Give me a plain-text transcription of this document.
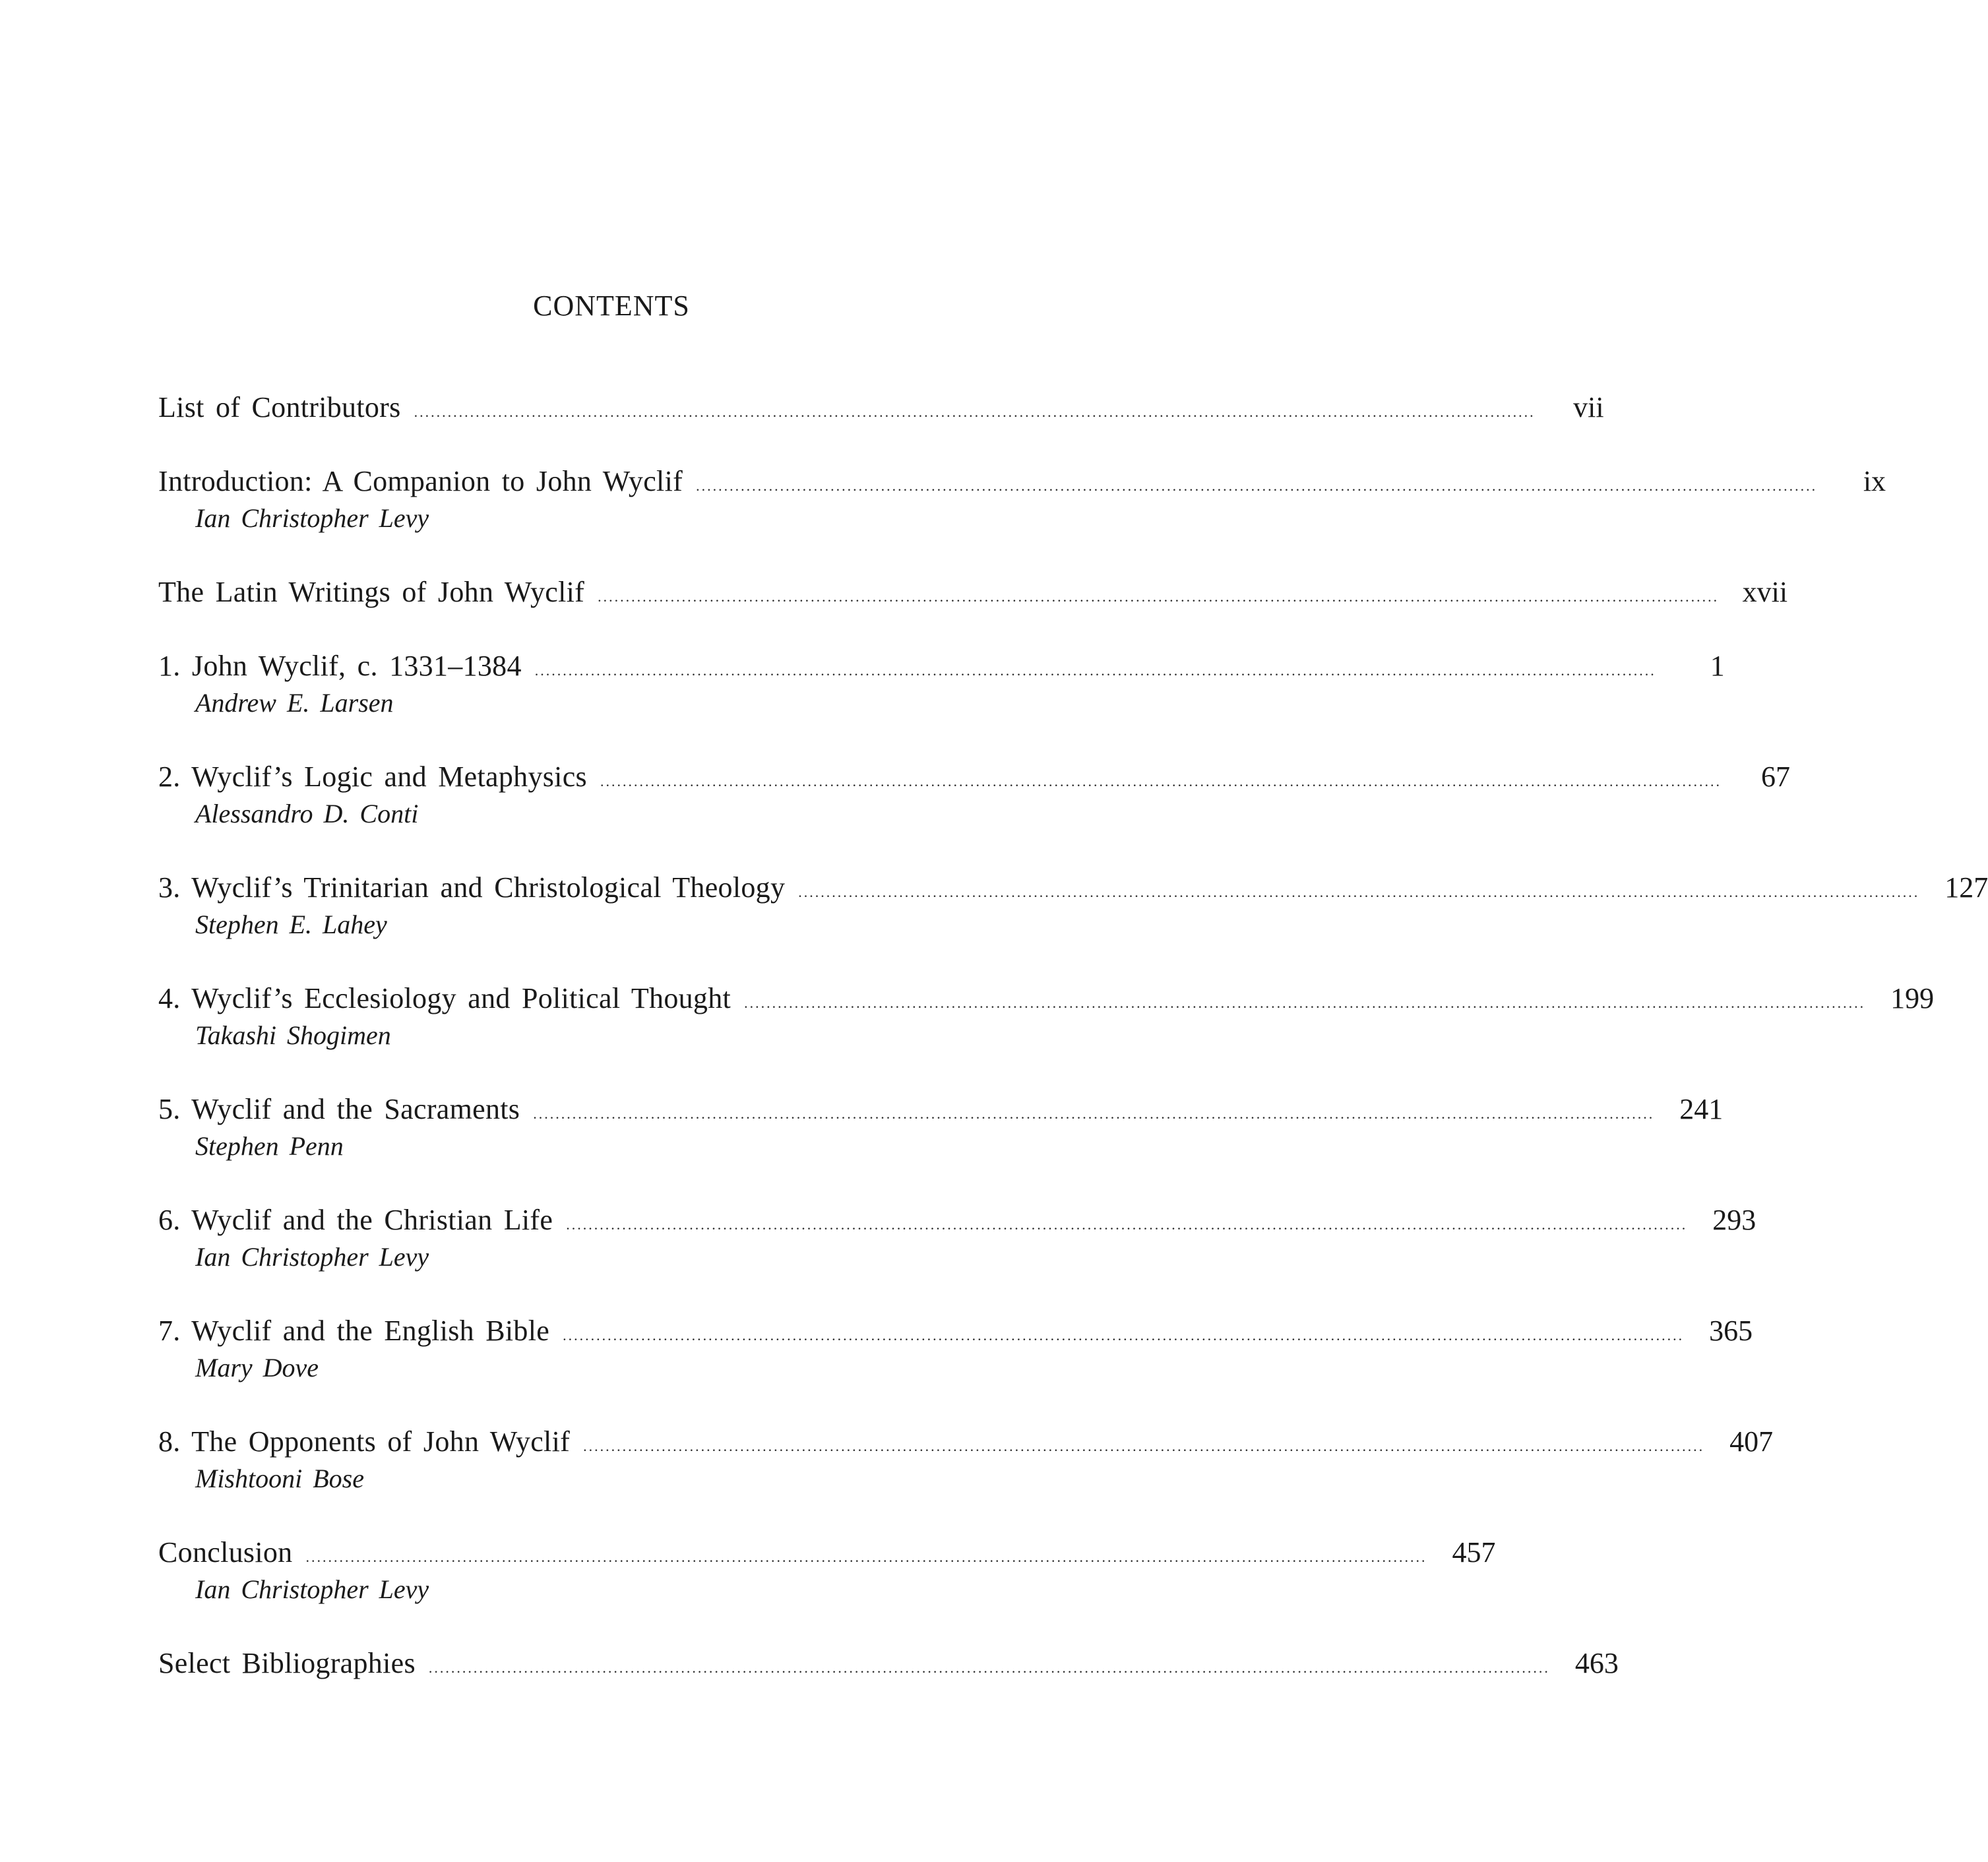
CONTENTS
List of Contributors ........................................................................................................................................................................................................	vii
Introduction: A Companion to John Wyclif ........................................................................................................................................................................................................	ix
Ian Christopher Levy
The Latin Writings of John Wyclif ........................................................................................................................................................................................................ xvii
1. John Wyclif, c. 1331–1384 ........................................................................................................................................................................................................	1
Andrew E. Larsen
2. Wyclif’s Logic and Metaphysics ........................................................................................................................................................................................................	67
Alessandro D. Conti
3. Wyclif’s Trinitarian and Christological Theology ........................................................................................................................................................................................................ 127
Stephen E. Lahey
4. Wyclif’s Ecclesiology and Political Thought ........................................................................................................................................................................................................ 199
Takashi Shogimen
5. Wyclif and the Sacraments ........................................................................................................................................................................................................ 241
Stephen Penn
6. Wyclif and the Christian Life ........................................................................................................................................................................................................ 293
Ian Christopher Levy
7. Wyclif and the English Bible ........................................................................................................................................................................................................ 365
Mary Dove
8. The Opponents of John Wyclif ........................................................................................................................................................................................................ 407
Mishtooni Bose
Conclusion ........................................................................................................................................................................................................ 457
Ian Christopher Levy
Select Bibliographies ........................................................................................................................................................................................................ 463
